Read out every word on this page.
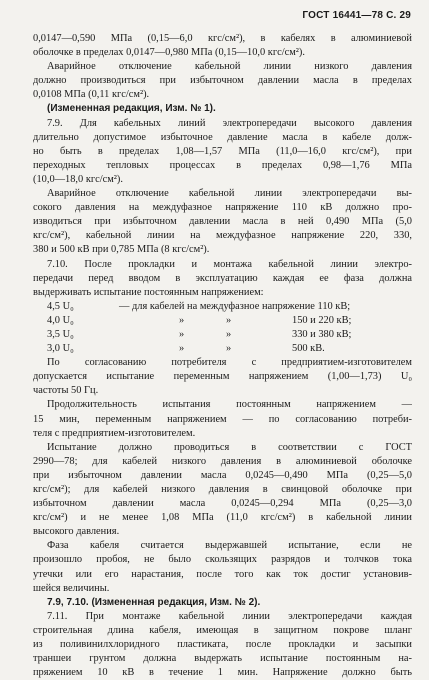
ГОСТ 16441—78 С. 29
0,0147—0,590 МПа (0,15—6,0 кгс/см²), в кабелях в алюминиевой
оболочке в пределах 0,0147—0,980 МПа (0,15—10,0 кгс/см²).
Аварийное отключение кабельной линии низкого давления
должно производиться при избыточном давлении масла в пределах
0,0108 МПа (0,11 кгс/см²).
(Измененная редакция, Изм. № 1).
7.9. Для кабельных линий электропередачи высокого давления
длительно допустимое избыточное давление масла в кабеле долж-
но быть в пределах 1,08—1,57 МПа (11,0—16,0 кгс/см²), при
переходных тепловых процессах в пределах 0,98—1,76 МПа
(10,0—18,0 кгс/см²).
Аварийное отключение кабельной линии электропередачи вы-
сокого давления на междуфазное напряжение 110 кВ должно про-
изводиться при избыточном давлении масла в ней 0,490 МПа (5,0
кгс/см²), кабельной линии на междуфазное напряжение 220, 330,
380 и 500 кВ при 0,785 МПа (8 кгс/см²).
7.10. После прокладки и монтажа кабельной линии электро-
передачи перед вводом в эксплуатацию каждая ее фаза должна
выдерживать испытание постоянным напряжением:
4,5 U₀	— для кабелей на междуфазное напряжение 110 кВ;
4,0 U₀	»	»	150 и 220 кВ;
3,5 U₀	»	»	330 и 380 кВ;
3,0 U₀	»	»	500 кВ.
По согласованию потребителя с предприятием-изготовителем
допускается испытание переменным напряжением (1,00—1,73) U₀
частоты 50 Гц.
Продолжительность испытания постоянным напряжением —
15 мин, переменным напряжением — по согласованию потреби-
теля с предприятием-изготовителем.
Испытание должно проводиться в соответствии с ГОСТ
2990—78; для кабелей низкого давления в алюминиевой оболочке
при избыточном давлении масла 0,0245—0,490 МПа (0,25—5,0
кгс/см²); для кабелей низкого давления в свинцовой оболочке при
избыточном давлении масла 0,0245—0,294 МПа (0,25—3,0
кгс/см²) и не менее 1,08 МПа (11,0 кгс/см²) в кабельной линии
высокого давления.
Фаза кабеля считается выдержавшей испытание, если не
произошло пробоя, не было скользящих разрядов и толчков тока
утечки или его нарастания, после того как ток достиг установив-
шейся величины.
7.9, 7.10. (Измененная редакция, Изм. № 2).
7.11. При монтаже кабельной линии электропередачи каждая
строительная длина кабеля, имеющая в защитном покрове шланг
из поливинилхлоридного пластиката, после прокладки и засыпки
траншеи грунтом должна выдержать испытание постоянным на-
пряжением 10 кВ в течение 1 мин. Напряжение должно быть
